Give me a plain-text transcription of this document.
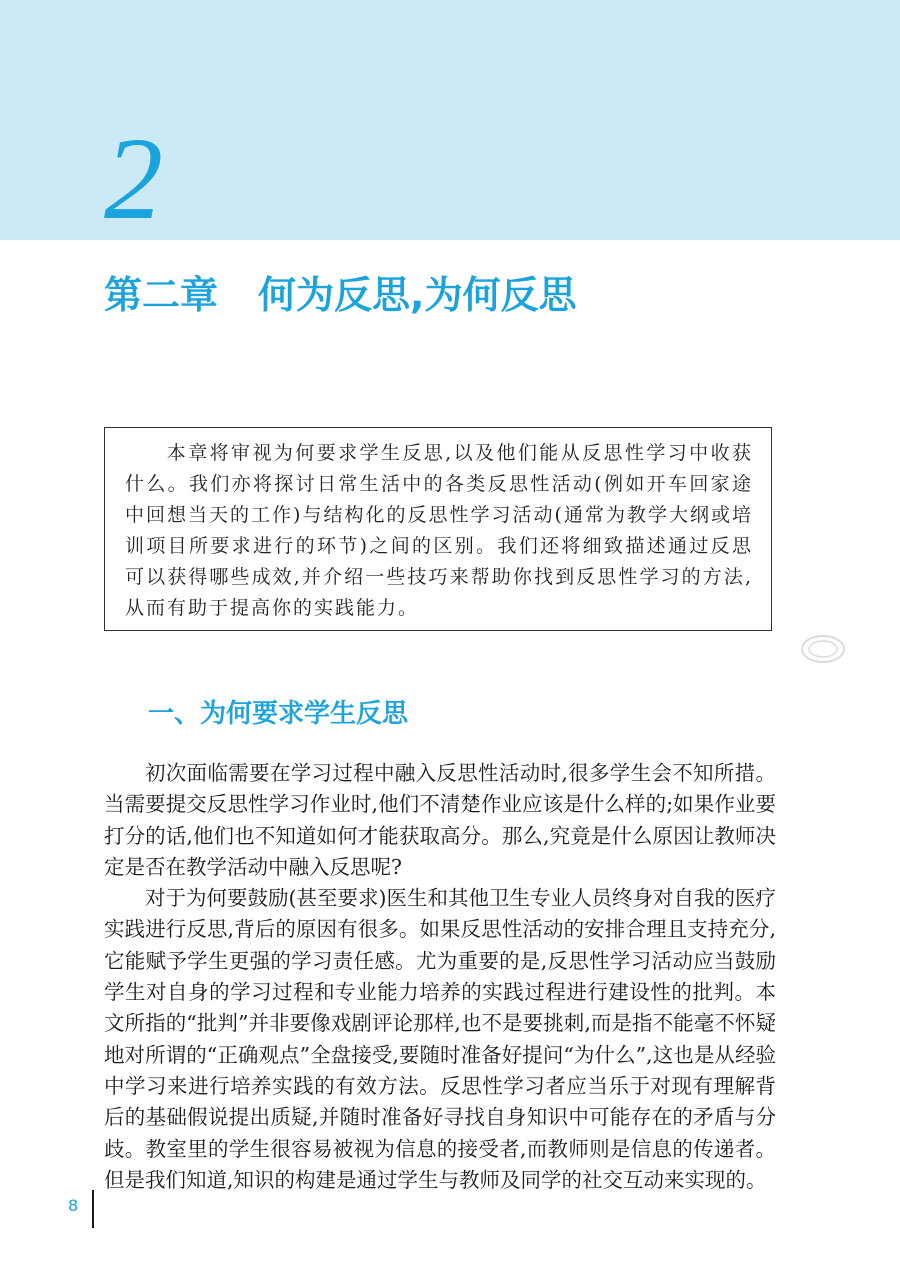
2
第二章 何为反思,为何反思
本章将审视为何要求学生反思,以及他们能从反思性学习中收获什么。我们亦将探讨日常生活中的各类反思性活动(例如开车回家途中回想当天的工作)与结构化的反思性学习活动(通常为教学大纲或培训项目所要求进行的环节)之间的区别。我们还将细致描述通过反思可以获得哪些成效,并介绍一些技巧来帮助你找到反思性学习的方法,从而有助于提高你的实践能力。
一、为何要求学生反思

初次面临需要在学习过程中融入反思性活动时,很多学生会不知所措。当需要提交反思性学习作业时,他们不清楚作业应该是什么样的;如果作业要打分的话,他们也不知道如何才能获取高分。那么,究竟是什么原因让教师决定是否在教学活动中融入反思呢?

对于为何要鼓励(甚至要求)医生和其他卫生专业人员终身对自我的医疗实践进行反思,背后的原因有很多。如果反思性活动的安排合理且支持充分,它能赋予学生更强的学习责任感。尤为重要的是,反思性学习活动应当鼓励学生对自身的学习过程和专业能力培养的实践过程进行建设性的批判。本文所指的“批判”并非要像戏剧评论那样,也不是要挑刺,而是指不能毫不怀疑地对所谓的“正确观点”全盘接受,要随时准备好提问“为什么”,这也是从经验中学习来进行培养实践的有效方法。反思性学习者应当乐于对现有理解背后的基础假说提出质疑,并随时准备好寻找自身知识中可能存在的矛盾与分歧。教室里的学生很容易被视为信息的接受者,而教师则是信息的传递者。但是我们知道,知识的构建是通过学生与教师及同学的社交互动来实现的。

8
